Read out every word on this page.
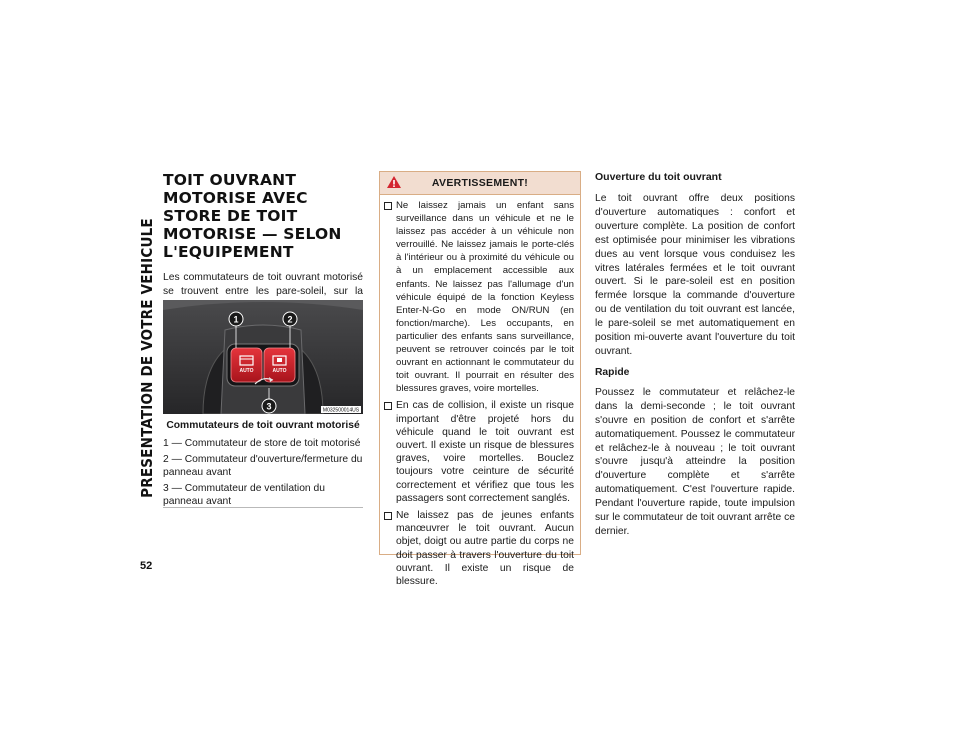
PRESENTATION DE VOTRE VEHICULE
52
TOIT OUVRANT MOTORISE AVEC STORE DE TOIT MOTORISE — SELON L'EQUIPEMENT

Les commutateurs de toit ouvrant motorisé se trouvent entre les pare-soleil, sur la

AUTO	AUTO
1	2
3	M032500014US
Commutateurs de toit ouvrant motorisé
1 — Commutateur de store de toit motorisé
2 — Commutateur d'ouverture/fermeture du panneau avant
3 — Commutateur de ventilation du panneau avant
AVERTISSEMENT!
Ne laissez jamais un enfant sans surveillance dans un véhicule et ne le laissez pas accéder à un véhicule non verrouillé. Ne laissez jamais le porte-clés à l'intérieur ou à proximité du véhicule ou à un emplacement accessible aux enfants. Ne laissez pas l'allumage d'un véhicule équipé de la fonction Keyless Enter-N-Go en mode ON/RUN (en fonction/marche). Les occupants, en particulier des enfants sans surveillance, peuvent se retrouver coincés par le toit ouvrant en actionnant le commutateur du toit ouvrant. Il pourrait en résulter des blessures graves, voire mortelles.
En cas de collision, il existe un risque important d'être projeté hors du véhicule quand le toit ouvrant est ouvert. Il existe un risque de blessures graves, voire mortelles. Bouclez toujours votre ceinture de sécurité correctement et vérifiez que tous les passagers sont correctement sanglés.
Ne laissez pas de jeunes enfants manœuvrer le toit ouvrant. Aucun objet, doigt ou autre partie du corps ne doit passer à travers l'ouverture du toit ouvrant. Il existe un risque de blessure.
Ouverture du toit ouvrant

Le toit ouvrant offre deux positions d'ouverture automatiques : confort et ouverture complète. La position de confort est optimisée pour minimiser les vibrations dues au vent lorsque vous conduisez les vitres latérales fermées et le toit ouvrant ouvert. Si le pare-soleil est en position fermée lorsque la commande d'ouverture ou de ventilation du toit ouvrant est lancée, le pare-soleil se met automatiquement en position mi-ouverte avant l'ouverture du toit ouvrant.

Rapide

Poussez le commutateur et relâchez-le dans la demi-seconde ; le toit ouvrant s'ouvre en position de confort et s'arrête automatiquement. Poussez le commutateur et relâchez-le à nouveau ; le toit ouvrant s'ouvre jusqu'à atteindre la position d'ouverture complète et s'arrête automatiquement. C'est l'ouverture rapide. Pendant l'ouverture rapide, toute impulsion sur le commutateur de toit ouvrant arrête ce dernier.
